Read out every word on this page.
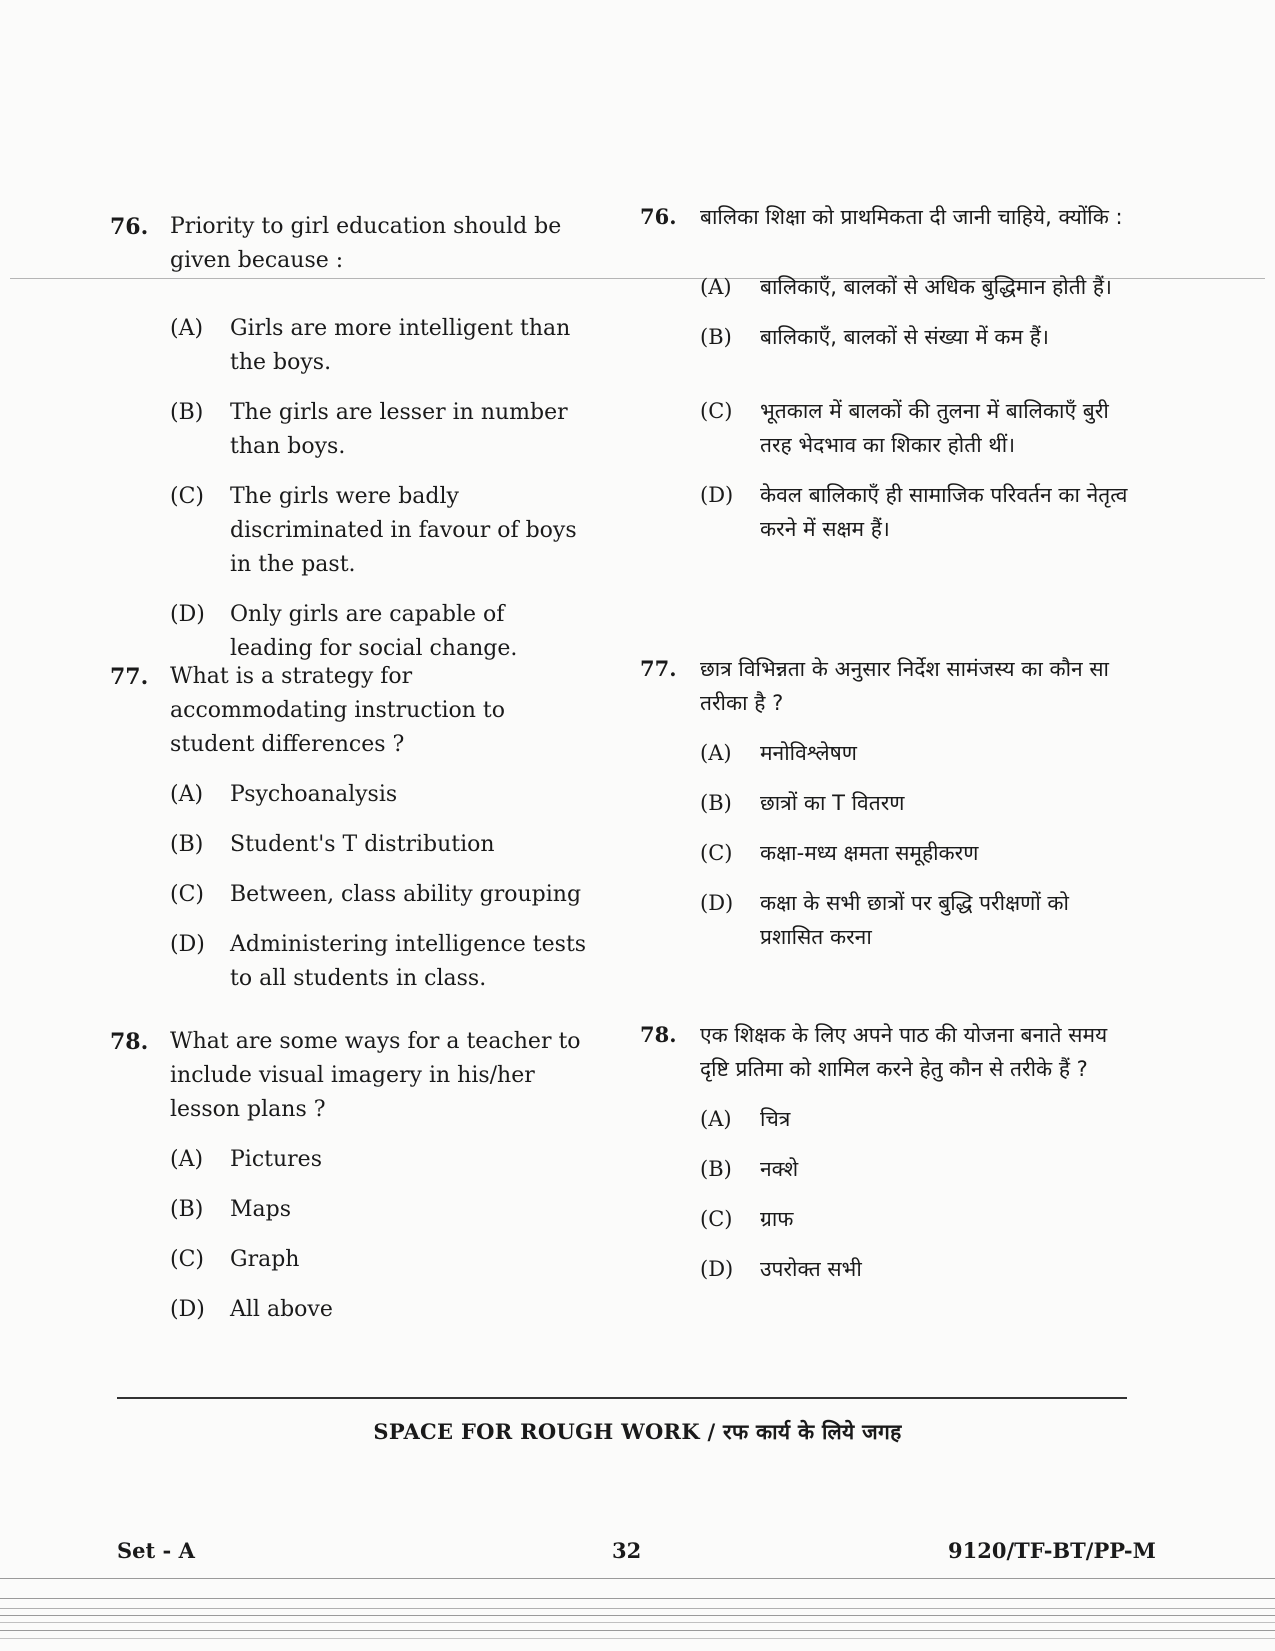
76. Priority to girl education should be given because :
(A) Girls are more intelligent than the boys.
(B) The girls are lesser in number than boys.
(C) The girls were badly discriminated in favour of boys in the past.
(D) Only girls are capable of leading for social change.
76. बालिका शिक्षा को प्राथमिकता दी जानी चाहिये, क्योंकि :
(A) बालिकाएँ, बालकों से अधिक बुद्धिमान होती हैं।
(B) बालिकाएँ, बालकों से संख्या में कम हैं।
(C) भूतकाल में बालकों की तुलना में बालिकाएँ बुरी तरह भेदभाव का शिकार होती थीं।
(D) केवल बालिकाएँ ही सामाजिक परिवर्तन का नेतृत्व करने में सक्षम हैं।
77. What is a strategy for accommodating instruction to student differences ?
(A) Psychoanalysis
(B) Student's T distribution
(C) Between, class ability grouping
(D) Administering intelligence tests to all students in class.
77. छात्र विभिन्नता के अनुसार निर्देश सामंजस्य का कौन सा तरीका है ?
(A) मनोविश्लेषण
(B) छात्रों का T वितरण
(C) कक्षा-मध्य क्षमता समूहीकरण
(D) कक्षा के सभी छात्रों पर बुद्धि परीक्षणों को प्रशासित करना
78. What are some ways for a teacher to include visual imagery in his/her lesson plans ?
(A) Pictures
(B) Maps
(C) Graph
(D) All above
78. एक शिक्षक के लिए अपने पाठ की योजना बनाते समय दृष्टि प्रतिमा को शामिल करने हेतु कौन से तरीके हैं ?
(A) चित्र
(B) नक्शे
(C) ग्राफ
(D) उपरोक्त सभी
SPACE FOR ROUGH WORK / रफ कार्य के लिये जगह
Set - A	32	9120/TF-BT/PP-M
